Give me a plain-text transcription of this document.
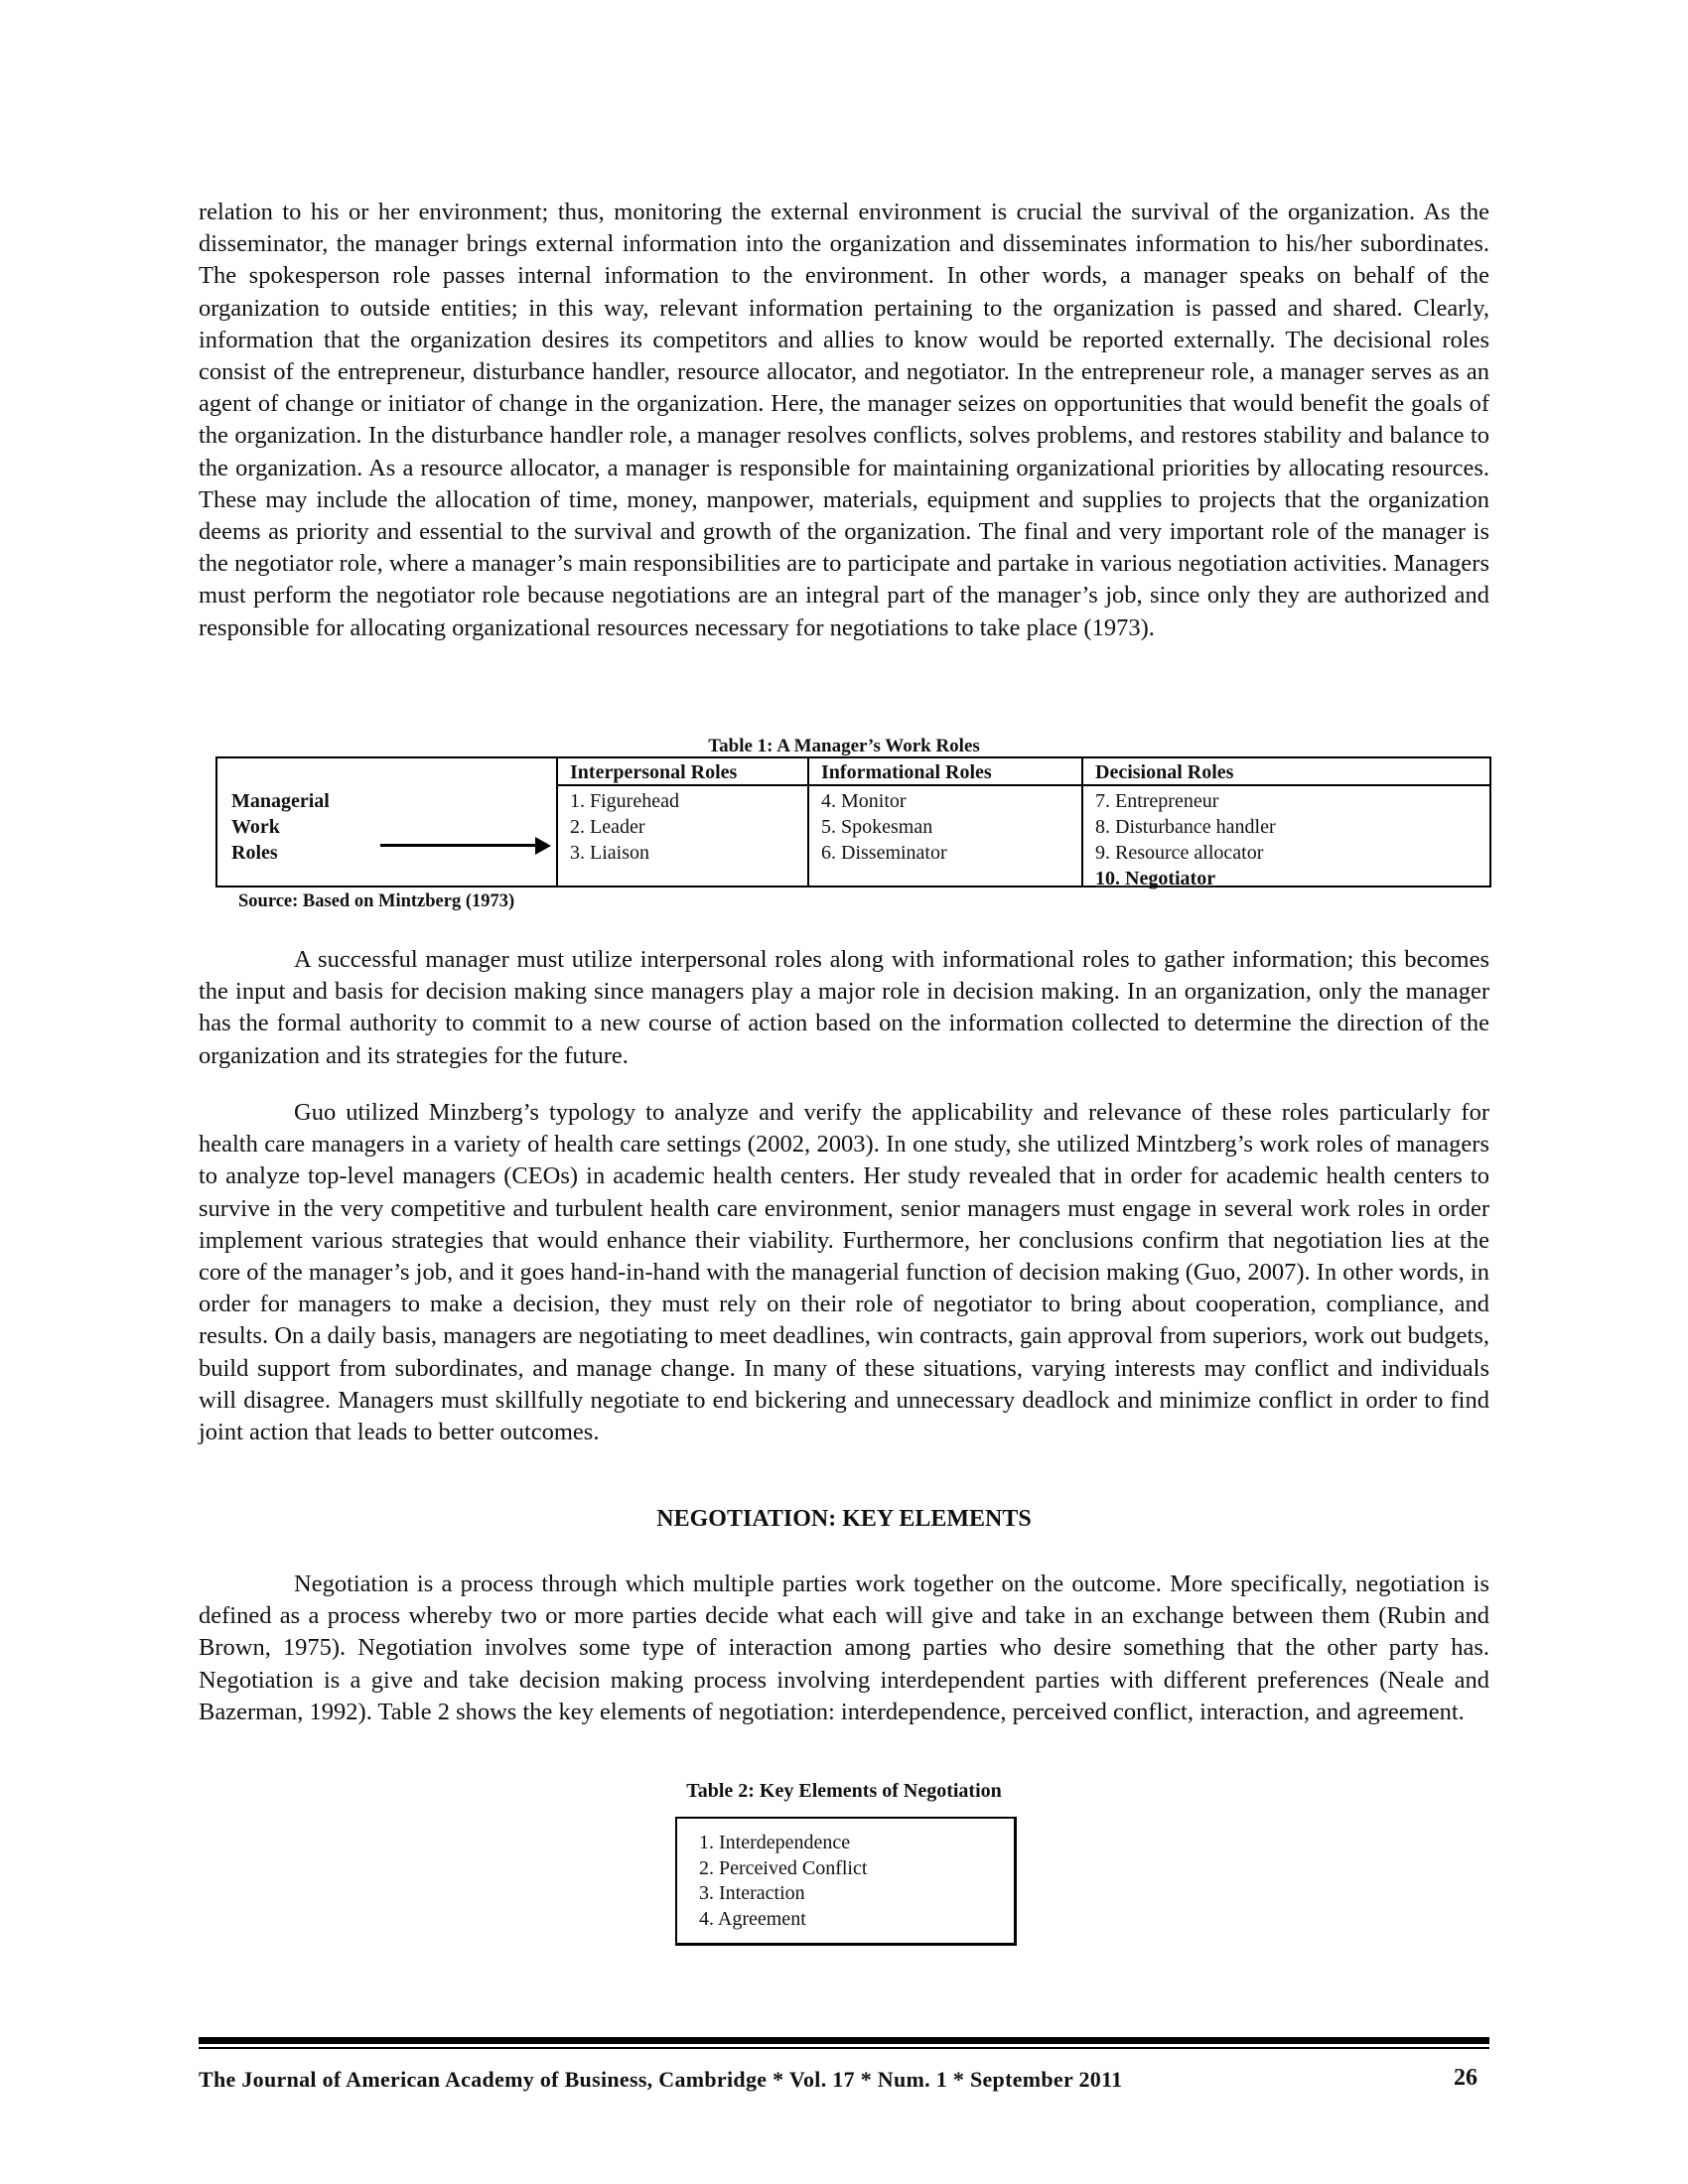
relation to his or her environment; thus, monitoring the external environment is crucial the survival of the organization. As the disseminator, the manager brings external information into the organization and disseminates information to his/her subordinates. The spokesperson role passes internal information to the environment. In other words, a manager speaks on behalf of the organization to outside entities; in this way, relevant information pertaining to the organization is passed and shared. Clearly, information that the organization desires its competitors and allies to know would be reported externally. The decisional roles consist of the entrepreneur, disturbance handler, resource allocator, and negotiator. In the entrepreneur role, a manager serves as an agent of change or initiator of change in the organization. Here, the manager seizes on opportunities that would benefit the goals of the organization. In the disturbance handler role, a manager resolves conflicts, solves problems, and restores stability and balance to the organization. As a resource allocator, a manager is responsible for maintaining organizational priorities by allocating resources. These may include the allocation of time, money, manpower, materials, equipment and supplies to projects that the organization deems as priority and essential to the survival and growth of the organization. The final and very important role of the manager is the negotiator role, where a manager’s main responsibilities are to participate and partake in various negotiation activities. Managers must perform the negotiator role because negotiations are an integral part of the manager’s job, since only they are authorized and responsible for allocating organizational resources necessary for negotiations to take place (1973).

Table 1: A Manager’s Work Roles

Managerial
Work
Roles
Interpersonal Roles
1. Figurehead
2. Leader
3. Liaison
Informational Roles
4. Monitor
5. Spokesman
6. Disseminator
Decisional Roles
7. Entrepreneur
8. Disturbance handler
9. Resource allocator
10. Negotiator
Source: Based on Mintzberg (1973)

A successful manager must utilize interpersonal roles along with informational roles to gather information; this becomes the input and basis for decision making since managers play a major role in decision making. In an organization, only the manager has the formal authority to commit to a new course of action based on the information collected to determine the direction of the organization and its strategies for the future.

Guo utilized Minzberg’s typology to analyze and verify the applicability and relevance of these roles particularly for health care managers in a variety of health care settings (2002, 2003). In one study, she utilized Mintzberg’s work roles of managers to analyze top-level managers (CEOs) in academic health centers. Her study revealed that in order for academic health centers to survive in the very competitive and turbulent health care environment, senior managers must engage in several work roles in order implement various strategies that would enhance their viability. Furthermore, her conclusions confirm that negotiation lies at the core of the manager’s job, and it goes hand-in-hand with the managerial function of decision making (Guo, 2007). In other words, in order for managers to make a decision, they must rely on their role of negotiator to bring about cooperation, compliance, and results. On a daily basis, managers are negotiating to meet deadlines, win contracts, gain approval from superiors, work out budgets, build support from subordinates, and manage change. In many of these situations, varying interests may conflict and individuals will disagree. Managers must skillfully negotiate to end bickering and unnecessary deadlock and minimize conflict in order to find joint action that leads to better outcomes.

NEGOTIATION: KEY ELEMENTS

Negotiation is a process through which multiple parties work together on the outcome. More specifically, negotiation is defined as a process whereby two or more parties decide what each will give and take in an exchange between them (Rubin and Brown, 1975). Negotiation involves some type of interaction among parties who desire something that the other party has. Negotiation is a give and take decision making process involving interdependent parties with different preferences (Neale and Bazerman, 1992). Table 2 shows the key elements of negotiation: interdependence, perceived conflict, interaction, and agreement.

Table 2: Key Elements of Negotiation

1. Interdependence
2. Perceived Conflict
3. Interaction
4. Agreement
The Journal of American Academy of Business, Cambridge * Vol. 17 * Num. 1 * September 2011	26
